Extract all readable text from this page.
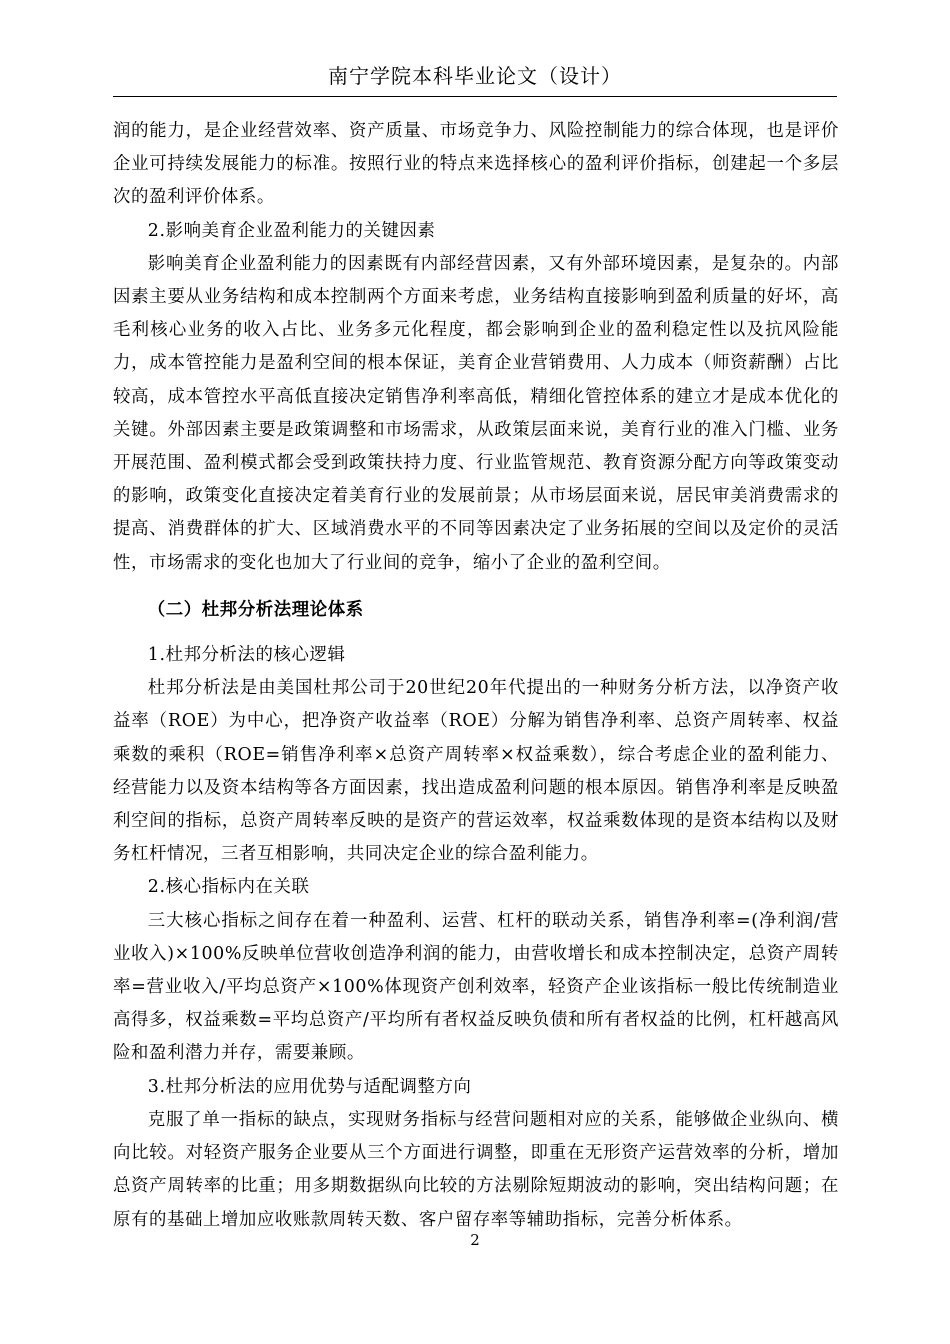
南宁学院本科毕业论文（设计）

润的能力，是企业经营效率、资产质量、市场竞争力、风险控制能力的综合体现，也是评价企业可持续发展能力的标准。按照行业的特点来选择核心的盈利评价指标，创建起一个多层次的盈利评价体系。

2.影响美育企业盈利能力的关键因素

影响美育企业盈利能力的因素既有内部经营因素，又有外部环境因素，是复杂的。内部因素主要从业务结构和成本控制两个方面来考虑，业务结构直接影响到盈利质量的好坏，高毛利核心业务的收入占比、业务多元化程度，都会影响到企业的盈利稳定性以及抗风险能力，成本管控能力是盈利空间的根本保证，美育企业营销费用、人力成本（师资薪酬）占比较高，成本管控水平高低直接决定销售净利率高低，精细化管控体系的建立才是成本优化的关键。外部因素主要是政策调整和市场需求，从政策层面来说，美育行业的准入门槛、业务开展范围、盈利模式都会受到政策扶持力度、行业监管规范、教育资源分配方向等政策变动的影响，政策变化直接决定着美育行业的发展前景；从市场层面来说，居民审美消费需求的提高、消费群体的扩大、区域消费水平的不同等因素决定了业务拓展的空间以及定价的灵活性，市场需求的变化也加大了行业间的竞争，缩小了企业的盈利空间。

（二）杜邦分析法理论体系

1.杜邦分析法的核心逻辑

杜邦分析法是由美国杜邦公司于20世纪20年代提出的一种财务分析方法，以净资产收益率（ROE）为中心，把净资产收益率（ROE）分解为销售净利率、总资产周转率、权益乘数的乘积（ROE=销售净利率×总资产周转率×权益乘数），综合考虑企业的盈利能力、经营能力以及资本结构等各方面因素，找出造成盈利问题的根本原因。销售净利率是反映盈利空间的指标，总资产周转率反映的是资产的营运效率，权益乘数体现的是资本结构以及财务杠杆情况，三者互相影响，共同决定企业的综合盈利能力。

2.核心指标内在关联

三大核心指标之间存在着一种盈利、运营、杠杆的联动关系，销售净利率=(净利润/营业收入)×100%反映单位营收创造净利润的能力，由营收增长和成本控制决定，总资产周转率=营业收入/平均总资产×100%体现资产创利效率，轻资产企业该指标一般比传统制造业高得多，权益乘数=平均总资产/平均所有者权益反映负债和所有者权益的比例，杠杆越高风险和盈利潜力并存，需要兼顾。

3.杜邦分析法的应用优势与适配调整方向

克服了单一指标的缺点，实现财务指标与经营问题相对应的关系，能够做企业纵向、横向比较。对轻资产服务企业要从三个方面进行调整，即重在无形资产运营效率的分析，增加总资产周转率的比重；用多期数据纵向比较的方法剔除短期波动的影响，突出结构问题；在原有的基础上增加应收账款周转天数、客户留存率等辅助指标，完善分析体系。

2
